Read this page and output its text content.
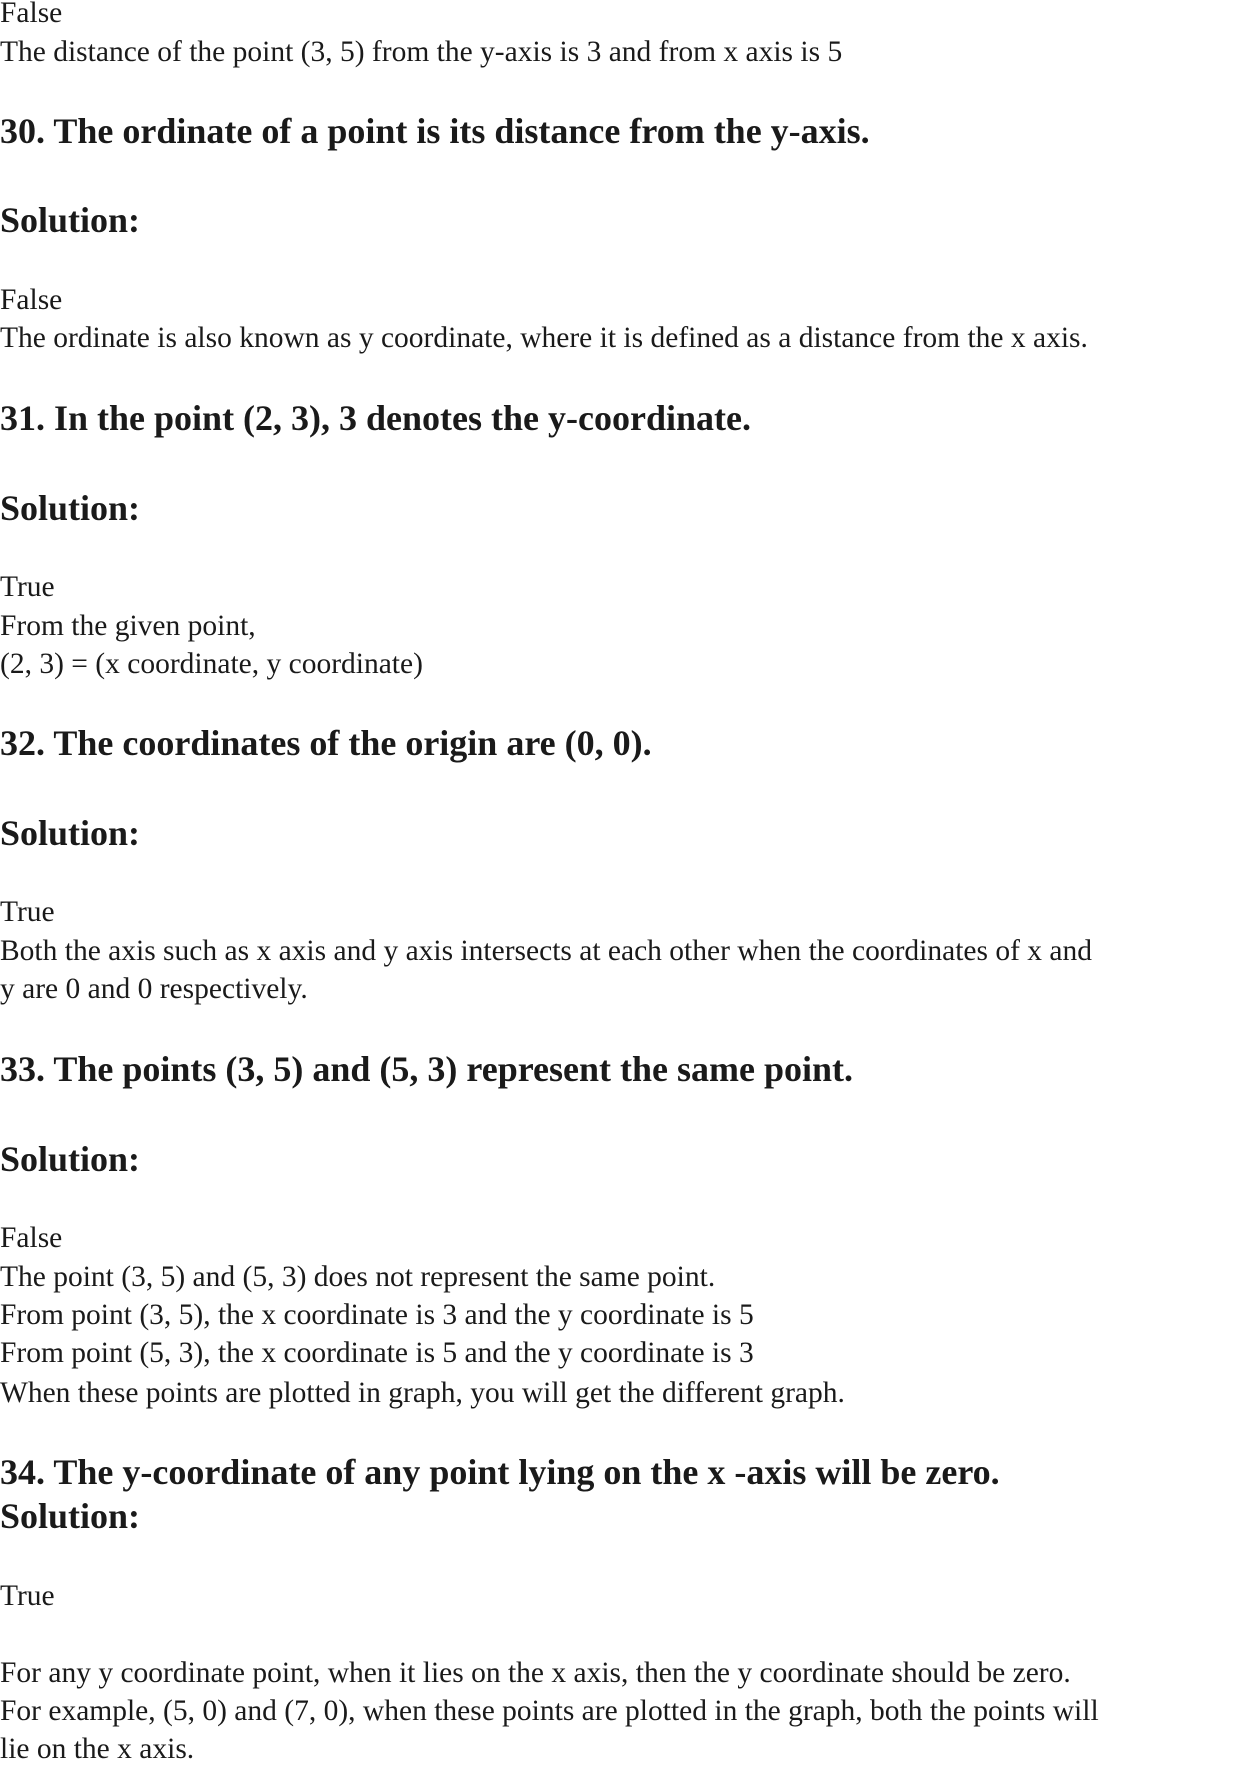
False
The distance of the point (3, 5) from the y-axis is 3 and from x axis is 5
30. The ordinate of a point is its distance from the y-axis.
Solution:
False
The ordinate is also known as y coordinate, where it is defined as a distance from the x axis.
31. In the point (2, 3), 3 denotes the y-coordinate.
Solution:
True
From the given point,
(2, 3) = (x coordinate, y coordinate)
32. The coordinates of the origin are (0, 0).
Solution:
True
Both the axis such as x axis and y axis intersects at each other when the coordinates of x and
y are 0 and 0 respectively.
33. The points (3, 5) and (5, 3) represent the same point.
Solution:
False
The point (3, 5) and (5, 3) does not represent the same point.
From point (3, 5), the x coordinate is 3 and the y coordinate is 5
From point (5, 3), the x coordinate is 5 and the y coordinate is 3
When these points are plotted in graph, you will get the different graph.
34. The y-coordinate of any point lying on the x -axis will be zero.
Solution:
True
For any y coordinate point, when it lies on the x axis, then the y coordinate should be zero.
For example, (5, 0) and (7, 0), when these points are plotted in the graph, both the points will
lie on the x axis.
